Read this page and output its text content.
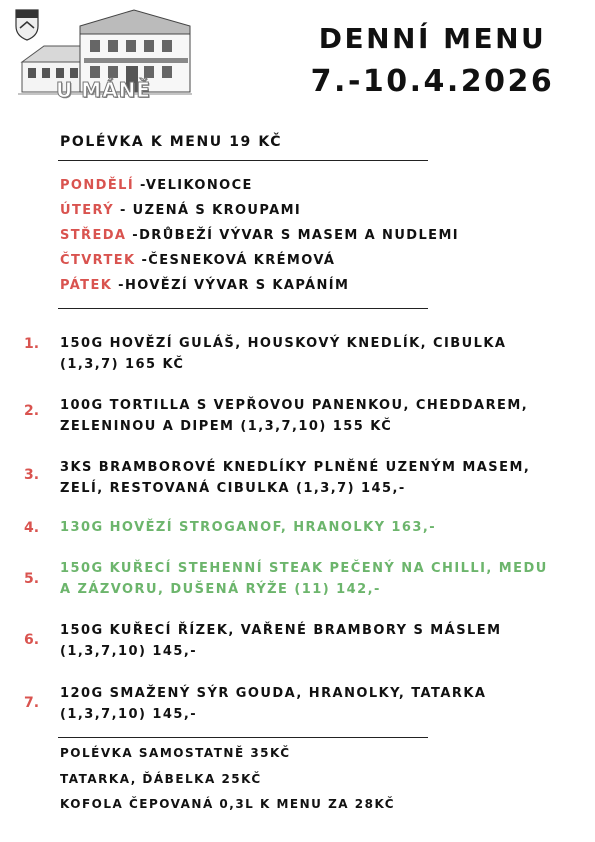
U MÁNĚ
DENNÍ MENU
7.-10.4.2026
POLÉVKA K MENU 19 KČ
PONDĚLÍ -VELIKONOCE
ÚTERÝ - UZENÁ S KROUPAMI
STŘEDA -DRŮBEŽÍ VÝVAR S MASEM A NUDLEMI
ČTVRTEK -ČESNEKOVÁ KRÉMOVÁ
PÁTEK -HOVĚZÍ VÝVAR S KAPÁNÍM
1. 150G HOVĚZÍ GULÁŠ, HOUSKOVÝ KNEDLÍK, CIBULKA (1,3,7) 165 KČ
2. 100G TORTILLA S VEPŘOVOU PANENKOU, CHEDDAREM, ZELENINOU A DIPEM (1,3,7,10) 155 KČ
3. 3KS BRAMBOROVÉ KNEDLÍKY PLNĚNÉ UZENÝM MASEM, ZELÍ, RESTOVANÁ CIBULKA (1,3,7) 145,-
4. 130G HOVĚZÍ STROGANOF, HRANOLKY 163,-
5.
150G KUŘECÍ STEHENNÍ STEAK PEČENÝ NA CHILLI, MEDU A ZÁZVORU, DUŠENÁ RÝŽE (11) 142,-
6.
150G KUŘECÍ ŘÍZEK, VAŘENÉ BRAMBORY S MÁSLEM (1,3,7,10) 145,-
7.
120G SMAŽENÝ SÝR GOUDA, HRANOLKY, TATARKA (1,3,7,10) 145,-
POLÉVKA SAMOSTATNĚ 35KČ
TATARKA, ĎÁBELKA 25KČ
KOFOLA ČEPOVANÁ 0,3L K MENU ZA 28KČ
